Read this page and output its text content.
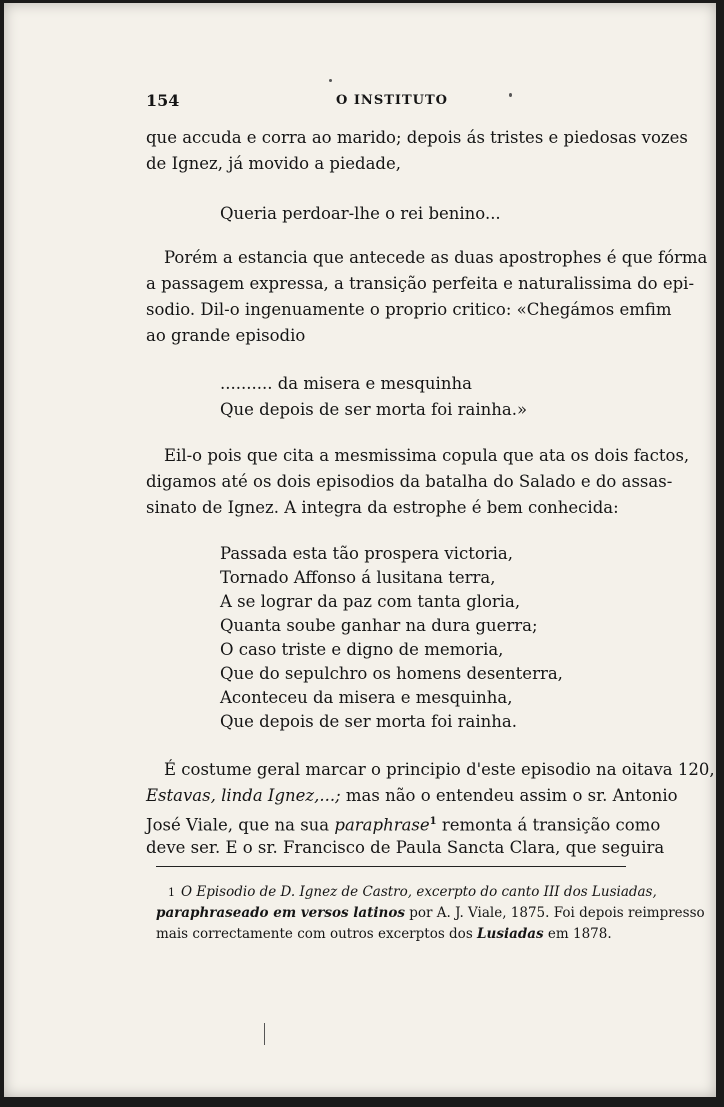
154	O INSTITUTO
que accuda e corra ao marido; depois ás tristes e piedosas vozes
de Ignez, já movido a piedade,
Queria perdoar-lhe o rei benino...
Porém a estancia que antecede as duas apostrophes é que fórma
a passagem expressa, a transição perfeita e naturalissima do epi-
sodio. Dil-o ingenuamente o proprio critico: «Chegámos emfim
ao grande episodio
.......... da misera e mesquinha
Que depois de ser morta foi rainha.»
Eil-o pois que cita a mesmissima copula que ata os dois factos,
digamos até os dois episodios da batalha do Salado e do assas-
sinato de Ignez. A integra da estrophe é bem conhecida:
Passada esta tão prosperа victoria,
Tornado Affonso á lusitana terra,
A se lograr da paz com tanta gloria,
Quanta soube ganhar na dura guerra;
O caso triste e digno de memoria,
Que do sepulchro os homens desenterra,
Aconteceu da misera e mesquinha,
Que depois de ser morta foi rainha.
É costume geral marcar o principio d'este episodio na oitava 120,
Estavas, linda Ignez,...; mas não o entendeu assim o sr. Antonio
José Viale, que na sua paraphrase$^1$ remonta á transição como
deve ser. E o sr. Francisco de Paula Sancta Clara, que seguira
1 O Episodio de D. Ignez de Castro, excerpto do canto III dos Lusiadas,
paraphraseado em versos latinos por A. J. Viale, 1875. Foi depois reimpresso
mais correctamente com outros excerptos dos Lusiadas em 1878.
